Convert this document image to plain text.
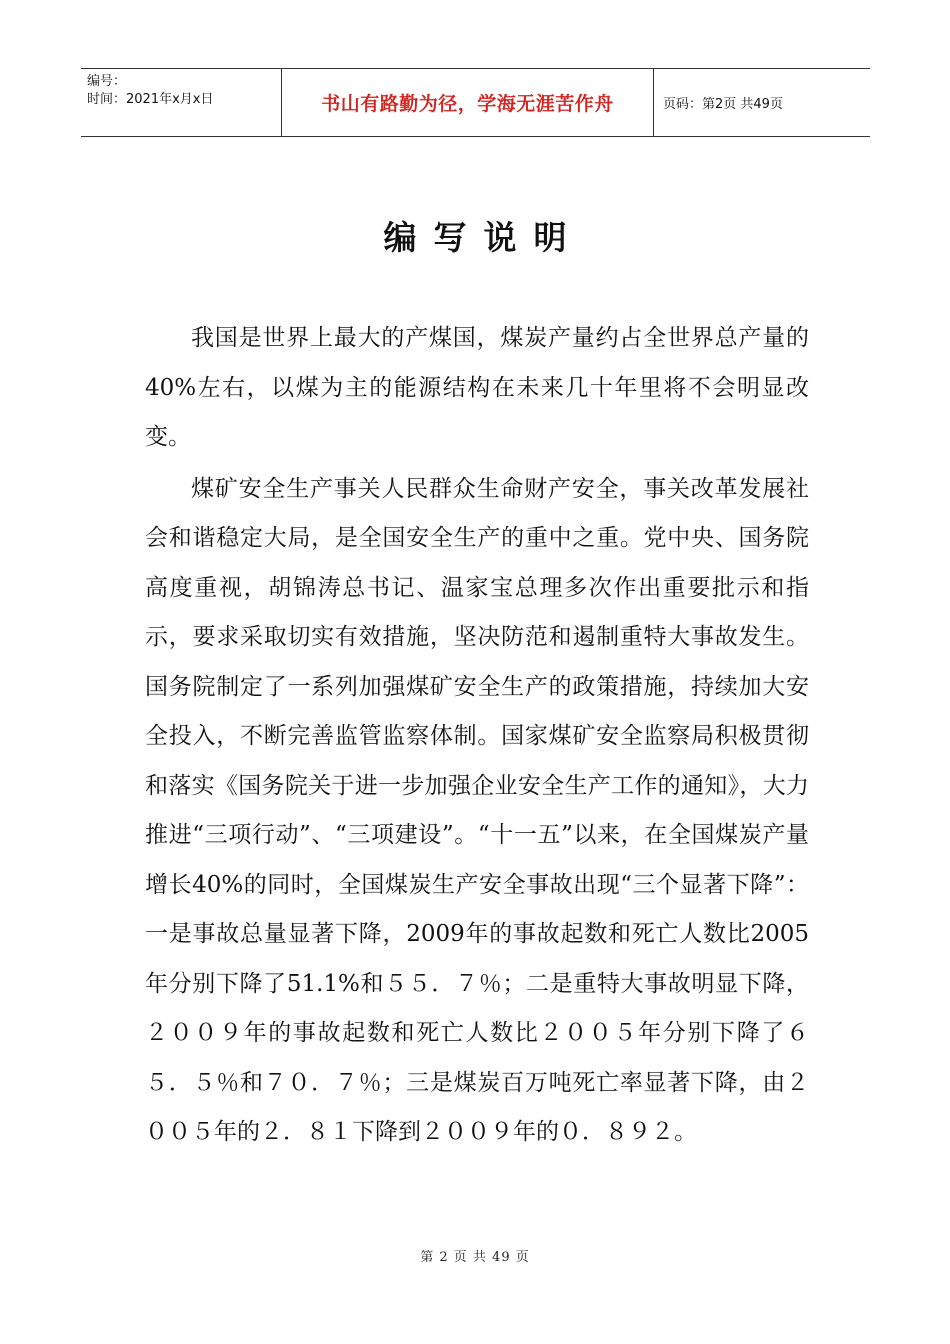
编号：
时间：2021年x月x日	书山有路勤为径，学海无涯苦作舟	页码：第2页 共49页
编写说明

我国是世界上最大的产煤国，煤炭产量约占全世界总产量的40%左右，以煤为主的能源结构在未来几十年里将不会明显改变。

煤矿安全生产事关人民群众生命财产安全，事关改革发展社会和谐稳定大局，是全国安全生产的重中之重。党中央、国务院高度重视，胡锦涛总书记、温家宝总理多次作出重要批示和指示，要求采取切实有效措施，坚决防范和遏制重特大事故发生。国务院制定了一系列加强煤矿安全生产的政策措施，持续加大安全投入，不断完善监管监察体制。国家煤矿安全监察局积极贯彻和落实《国务院关于进一步加强企业安全生产工作的通知》，大力推进“三项行动”、“三项建设”。“十一五”以来，在全国煤炭产量增长40%的同时，全国煤炭生产安全事故出现“三个显著下降”：一是事故总量显著下降，2009年的事故起数和死亡人数比2005年分别下降了51.1%和５５．７％；二是重特大事故明显下降，２００９年的事故起数和死亡人数比２００５年分别下降了６５．５％和７０．７％；三是煤炭百万吨死亡率显著下降，由２００５年的２．８１下降到２００９年的０．８９２。

第 2 页 共 49 页
